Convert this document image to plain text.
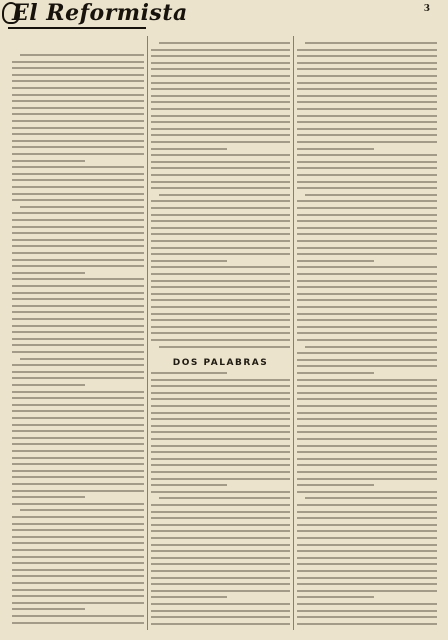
El Reformista	3
DOS PALABRAS
